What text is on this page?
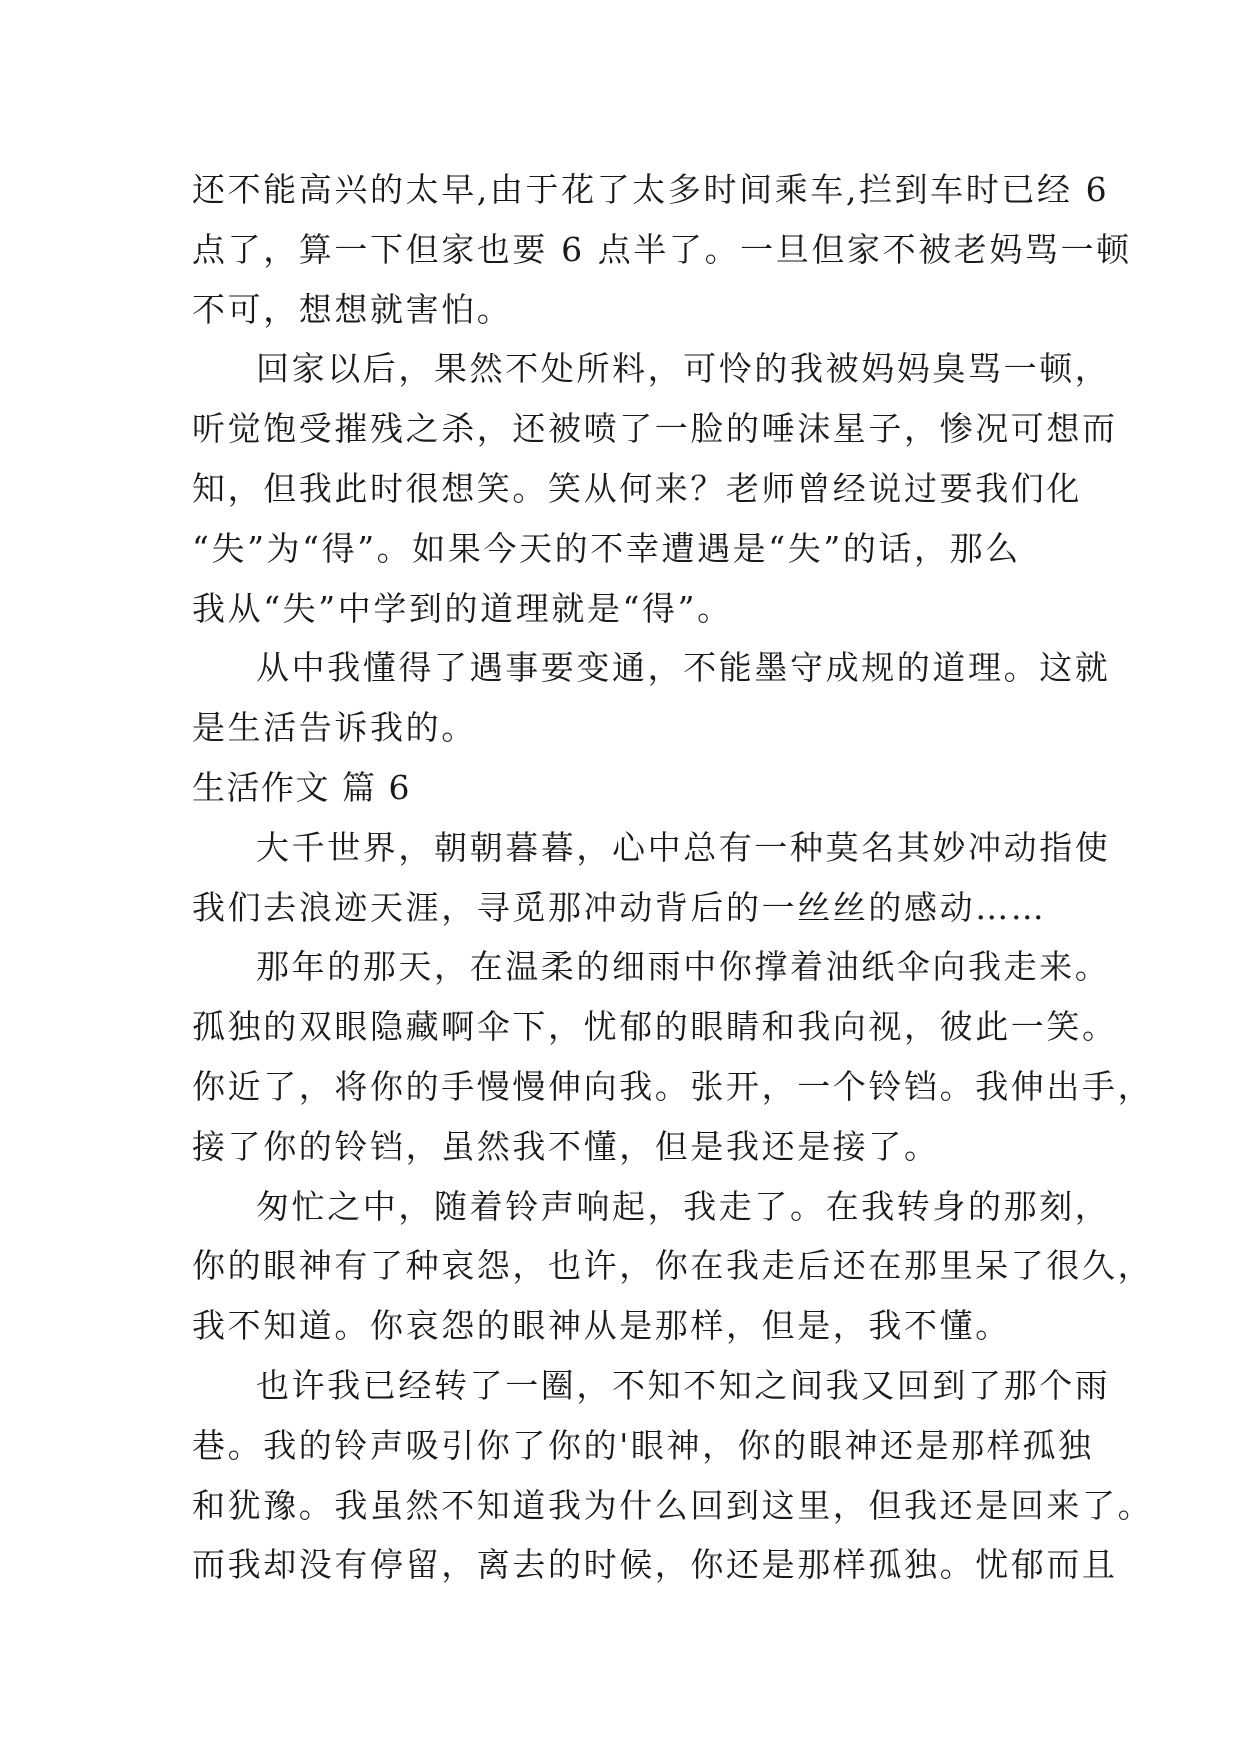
还不能高兴的太早,由于花了太多时间乘车,拦到车时已经 6
点了，算一下但家也要 6 点半了。一旦但家不被老妈骂一顿
不可，想想就害怕。
回家以后，果然不处所料，可怜的我被妈妈臭骂一顿，
听觉饱受摧残之杀，还被喷了一脸的唾沫星子，惨况可想而
知，但我此时很想笑。笑从何来？老师曾经说过要我们化
“失”为“得”。如果今天的不幸遭遇是“失”的话，那么
我从“失”中学到的道理就是“得”。
从中我懂得了遇事要变通，不能墨守成规的道理。这就
是生活告诉我的。
生活作文 篇 6
大千世界，朝朝暮暮，心中总有一种莫名其妙冲动指使
我们去浪迹天涯，寻觅那冲动背后的一丝丝的感动……
那年的那天，在温柔的细雨中你撑着油纸伞向我走来。
孤独的双眼隐藏啊伞下，忧郁的眼睛和我向视，彼此一笑。
你近了，将你的手慢慢伸向我。张开，一个铃铛。我伸出手，
接了你的铃铛，虽然我不懂，但是我还是接了。
匆忙之中，随着铃声响起，我走了。在我转身的那刻，
你的眼神有了种哀怨，也许，你在我走后还在那里呆了很久，
我不知道。你哀怨的眼神从是那样，但是，我不懂。
也许我已经转了一圈，不知不知之间我又回到了那个雨
巷。我的铃声吸引你了你的'眼神，你的眼神还是那样孤独
和犹豫。我虽然不知道我为什么回到这里，但我还是回来了。
而我却没有停留，离去的时候，你还是那样孤独。忧郁而且
